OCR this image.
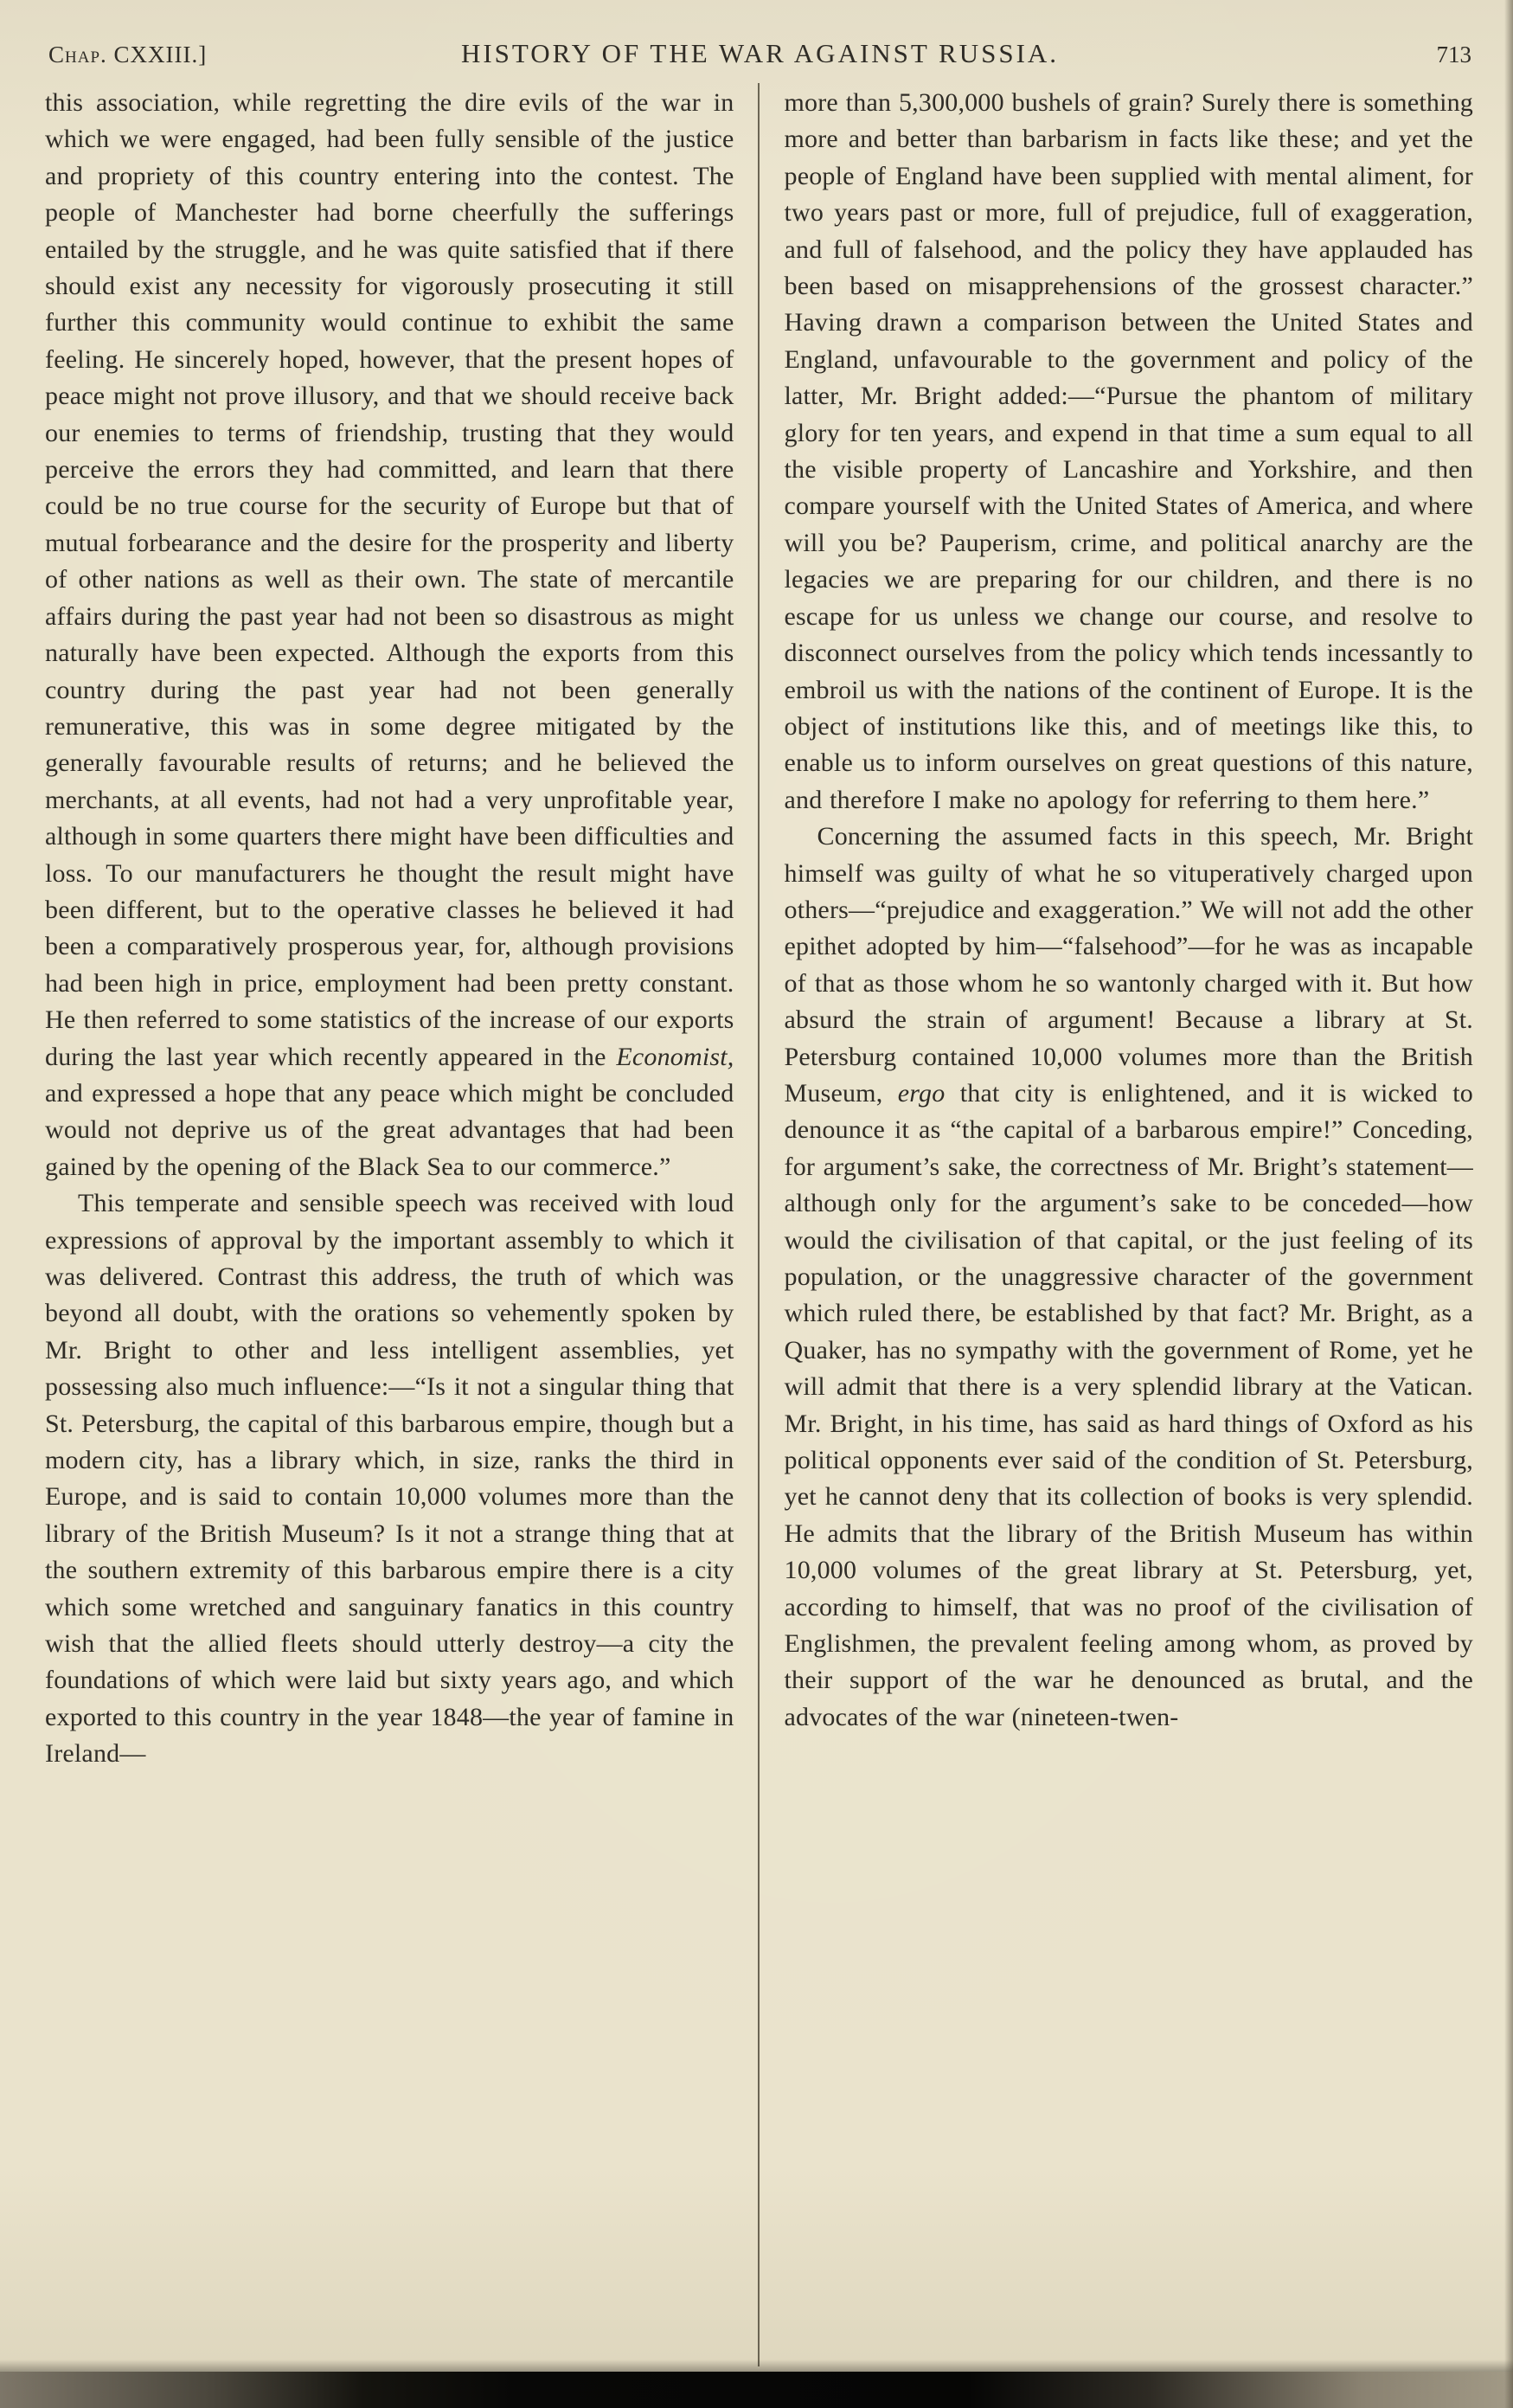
Chap. CXXIII.]	HISTORY OF THE WAR AGAINST RUSSIA.	713

this association, while regretting the dire evils of the war in which we were engaged, had been fully sensible of the justice and propriety of this country entering into the contest. The people of Manchester had borne cheerfully the sufferings entailed by the struggle, and he was quite satisfied that if there should exist any necessity for vigorously prosecuting it still further this community would continue to exhibit the same feeling. He sincerely hoped, however, that the present hopes of peace might not prove illusory, and that we should receive back our enemies to terms of friendship, trusting that they would perceive the errors they had committed, and learn that there could be no true course for the security of Europe but that of mutual forbearance and the desire for the prosperity and liberty of other nations as well as their own. The state of mercantile affairs during the past year had not been so disastrous as might naturally have been expected. Although the exports from this country during the past year had not been generally remunerative, this was in some degree mitigated by the generally favourable results of returns; and he believed the merchants, at all events, had not had a very unprofitable year, although in some quarters there might have been difficulties and loss. To our manufacturers he thought the result might have been different, but to the operative classes he believed it had been a comparatively prosperous year, for, although provisions had been high in price, employment had been pretty constant. He then referred to some statistics of the increase of our exports during the last year which recently appeared in the Economist, and expressed a hope that any peace which might be concluded would not deprive us of the great advantages that had been gained by the opening of the Black Sea to our commerce.”

This temperate and sensible speech was received with loud expressions of approval by the important assembly to which it was delivered. Contrast this address, the truth of which was beyond all doubt, with the orations so vehemently spoken by Mr. Bright to other and less intelligent assemblies, yet possessing also much influence:—“Is it not a singular thing that St. Petersburg, the capital of this barbarous empire, though but a modern city, has a library which, in size, ranks the third in Europe, and is said to contain 10,000 volumes more than the library of the British Museum? Is it not a strange thing that at the southern extremity of this barbarous empire there is a city which some wretched and sanguinary fanatics in this country wish that the allied fleets should utterly destroy—a city the foundations of which were laid but sixty years ago, and which exported to this country in the year 1848—the year of famine in Ireland—

more than 5,300,000 bushels of grain? Surely there is something more and better than barbarism in facts like these; and yet the people of England have been supplied with mental aliment, for two years past or more, full of prejudice, full of exaggeration, and full of falsehood, and the policy they have applauded has been based on misapprehensions of the grossest character.” Having drawn a comparison between the United States and England, unfavourable to the government and policy of the latter, Mr. Bright added:—“Pursue the phantom of military glory for ten years, and expend in that time a sum equal to all the visible property of Lancashire and Yorkshire, and then compare yourself with the United States of America, and where will you be? Pauperism, crime, and political anarchy are the legacies we are preparing for our children, and there is no escape for us unless we change our course, and resolve to disconnect ourselves from the policy which tends incessantly to embroil us with the nations of the continent of Europe. It is the object of institutions like this, and of meetings like this, to enable us to inform ourselves on great questions of this nature, and therefore I make no apology for referring to them here.”

Concerning the assumed facts in this speech, Mr. Bright himself was guilty of what he so vituperatively charged upon others—“prejudice and exaggeration.” We will not add the other epithet adopted by him—“falsehood”—for he was as incapable of that as those whom he so wantonly charged with it. But how absurd the strain of argument! Because a library at St. Petersburg contained 10,000 volumes more than the British Museum, ergo that city is enlightened, and it is wicked to denounce it as “the capital of a barbarous empire!” Conceding, for argument’s sake, the correctness of Mr. Bright’s statement—although only for the argument’s sake to be conceded—how would the civilisation of that capital, or the just feeling of its population, or the unaggressive character of the government which ruled there, be established by that fact? Mr. Bright, as a Quaker, has no sympathy with the government of Rome, yet he will admit that there is a very splendid library at the Vatican. Mr. Bright, in his time, has said as hard things of Oxford as his political opponents ever said of the condition of St. Petersburg, yet he cannot deny that its collection of books is very splendid. He admits that the library of the British Museum has within 10,000 volumes of the great library at St. Petersburg, yet, according to himself, that was no proof of the civilisation of Englishmen, the prevalent feeling among whom, as proved by their support of the war he denounced as brutal, and the advocates of the war (nineteen-twen-
